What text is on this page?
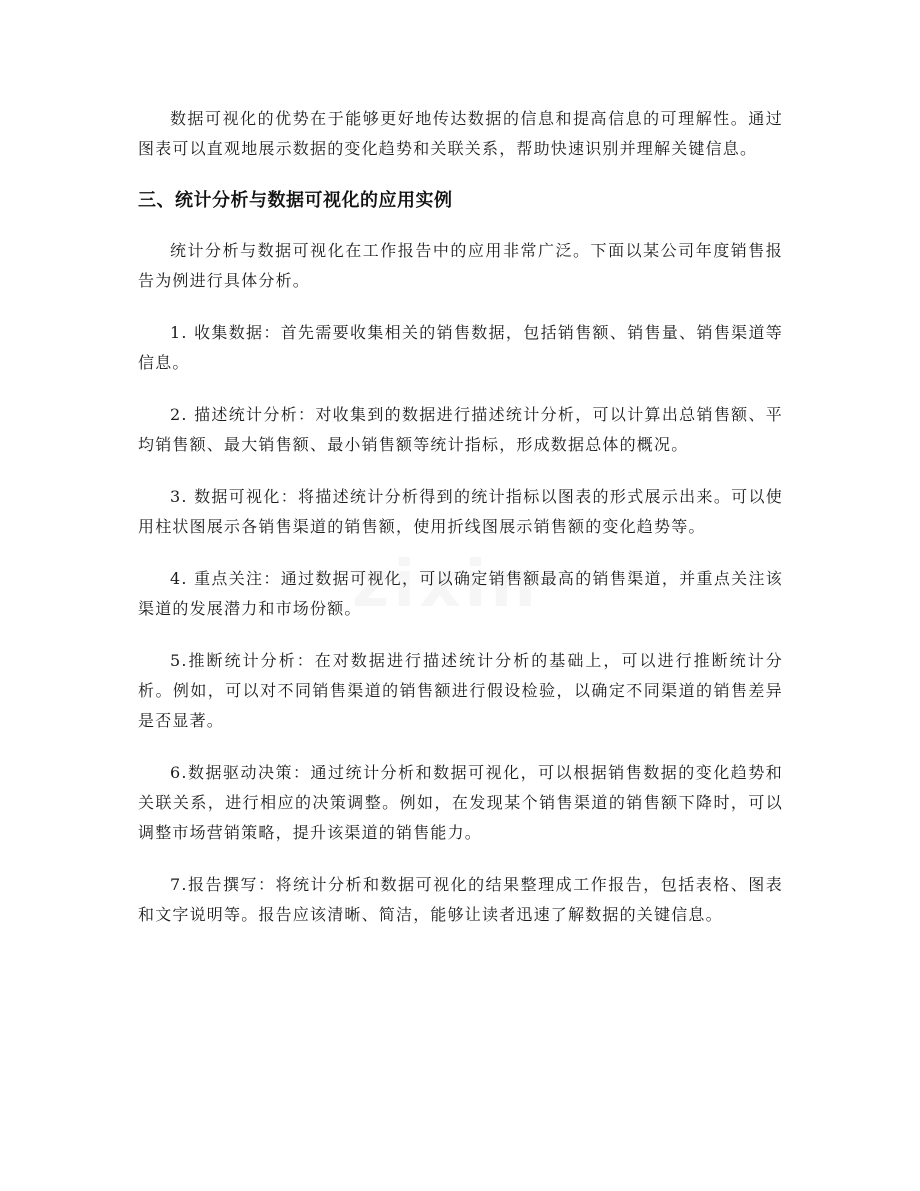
数据可视化的优势在于能够更好地传达数据的信息和提高信息的可理解性。通过图表可以直观地展示数据的变化趋势和关联关系，帮助快速识别并理解关键信息。

三、统计分析与数据可视化的应用实例

统计分析与数据可视化在工作报告中的应用非常广泛。下面以某公司年度销售报告为例进行具体分析。

1. 收集数据：首先需要收集相关的销售数据，包括销售额、销售量、销售渠道等信息。

2. 描述统计分析：对收集到的数据进行描述统计分析，可以计算出总销售额、平均销售额、最大销售额、最小销售额等统计指标，形成数据总体的概况。

3. 数据可视化：将描述统计分析得到的统计指标以图表的形式展示出来。可以使用柱状图展示各销售渠道的销售额，使用折线图展示销售额的变化趋势等。

4. 重点关注：通过数据可视化，可以确定销售额最高的销售渠道，并重点关注该渠道的发展潜力和市场份额。

5.推断统计分析：在对数据进行描述统计分析的基础上，可以进行推断统计分析。例如，可以对不同销售渠道的销售额进行假设检验，以确定不同渠道的销售差异是否显著。

6.数据驱动决策：通过统计分析和数据可视化，可以根据销售数据的变化趋势和关联关系，进行相应的决策调整。例如，在发现某个销售渠道的销售额下降时，可以调整市场营销策略，提升该渠道的销售能力。

7.报告撰写：将统计分析和数据可视化的结果整理成工作报告，包括表格、图表和文字说明等。报告应该清晰、简洁，能够让读者迅速了解数据的关键信息。
